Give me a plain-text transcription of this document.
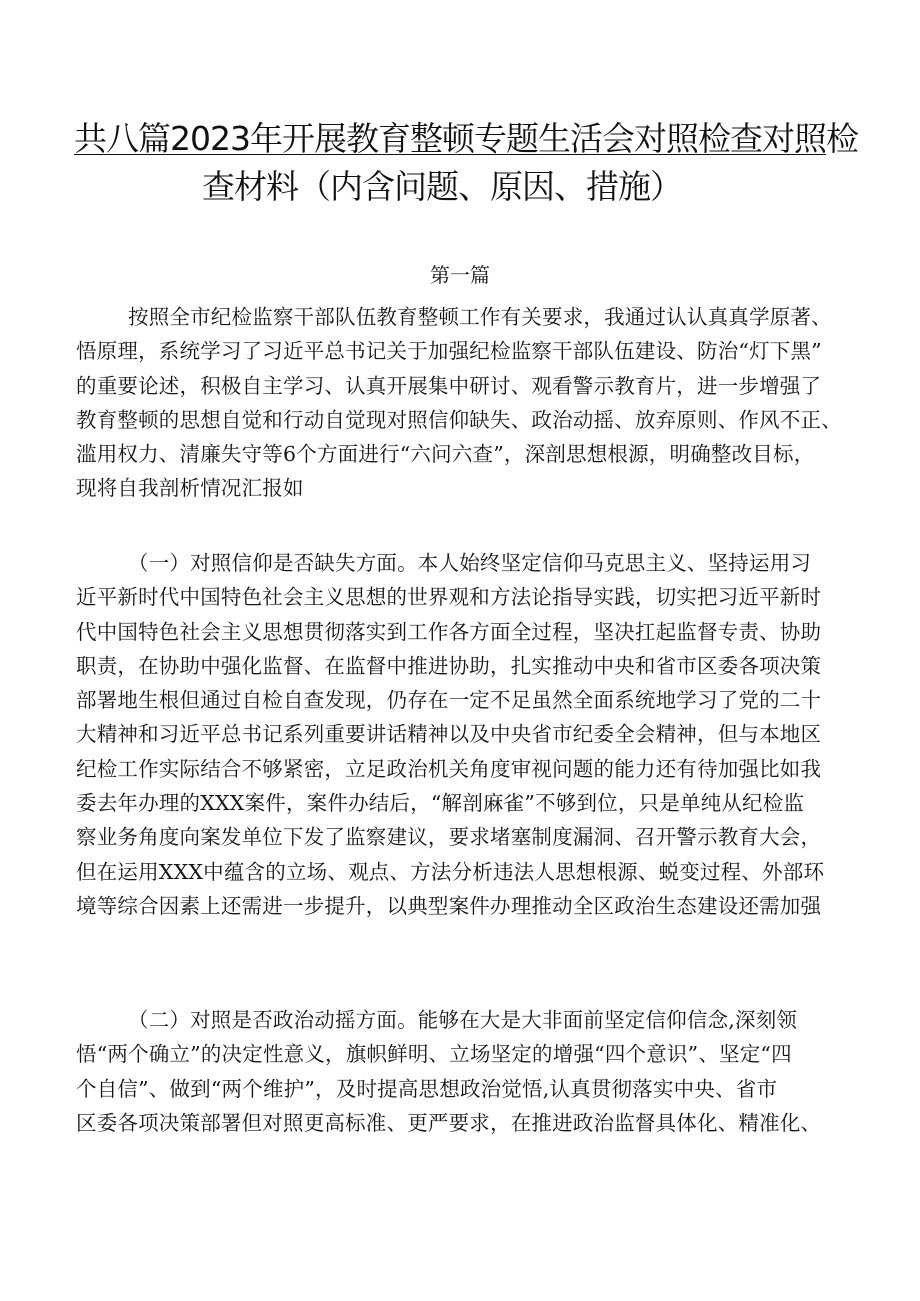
共八篇2023年开展教育整顿专题生活会对照检查对照检
查材料（内含问题、原因、措施）
第一篇
按照全市纪检监察干部队伍教育整顿工作有关要求，我通过认认真真学原著、
悟原理，系统学习了习近平总书记关于加强纪检监察干部队伍建设、防治“灯下黑”
的重要论述，积极自主学习、认真开展集中研讨、观看警示教育片，进一步增强了
教育整顿的思想自觉和行动自觉现对照信仰缺失、政治动摇、放弃原则、作风不正、
滥用权力、清廉失守等6个方面进行“六问六查”，深剖思想根源，明确整改目标，
现将自我剖析情况汇报如
（一）对照信仰是否缺失方面。本人始终坚定信仰马克思主义、坚持运用习
近平新时代中国特色社会主义思想的世界观和方法论指导实践，切实把习近平新时
代中国特色社会主义思想贯彻落实到工作各方面全过程，坚决扛起监督专责、协助
职责，在协助中强化监督、在监督中推进协助，扎实推动中央和省市区委各项决策
部署地生根但通过自检自查发现，仍存在一定不足虽然全面系统地学习了党的二十
大精神和习近平总书记系列重要讲话精神以及中央省市纪委全会精神，但与本地区
纪检工作实际结合不够紧密，立足政治机关角度审视问题的能力还有待加强比如我
委去年办理的XXX案件，案件办结后，“解剖麻雀”不够到位，只是单纯从纪检监
察业务角度向案发单位下发了监察建议，要求堵塞制度漏洞、召开警示教育大会，
但在运用XXX中蕴含的立场、观点、方法分析违法人思想根源、蜕变过程、外部环
境等综合因素上还需进一步提升，以典型案件办理推动全区政治生态建设还需加强
（二）对照是否政治动摇方面。能够在大是大非面前坚定信仰信念,深刻领
悟“两个确立”的决定性意义，旗帜鲜明、立场坚定的增强“四个意识”、坚定“四
个自信”、做到“两个维护”，及时提高思想政治觉悟,认真贯彻落实中央、省市
区委各项决策部署但对照更高标准、更严要求，在推进政治监督具体化、精准化、
